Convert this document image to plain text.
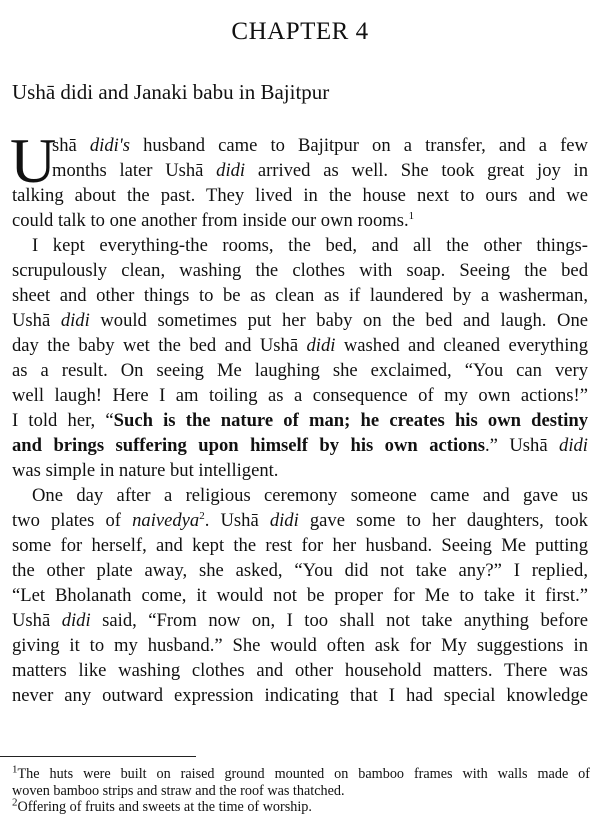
CHAPTER 4
Ushā didi and Janaki babu in Bajitpur
U
shā didi's husband came to Bajitpur on a transfer, and a few
months later Ushā didi arrived as well. She took great joy in
talking about the past. They lived in the house next to ours and we
could talk to one another from inside our own rooms.$^1$
I kept everything-the rooms, the bed, and all the other things-
scrupulously clean, washing the clothes with soap. Seeing the bed
sheet and other things to be as clean as if laundered by a washerman,
Ushā didi would sometimes put her baby on the bed and laugh. One
day the baby wet the bed and Ushā didi washed and cleaned everything
as a result. On seeing Me laughing she exclaimed, “You can very
well laugh! Here I am toiling as a consequence of my own actions!”
I told her, “Such is the nature of man; he creates his own destiny
and brings suffering upon himself by his own actions.” Ushā didi
was simple in nature but intelligent.
One day after a religious ceremony someone came and gave us
two plates of naivedya$^2$. Ushā didi gave some to her daughters, took
some for herself, and kept the rest for her husband. Seeing Me putting
the other plate away, she asked, “You did not take any?” I replied,
“Let Bholanath come, it would not be proper for Me to take it first.”
Ushā didi said, “From now on, I too shall not take anything before
giving it to my husband.” She would often ask for My suggestions in
matters like washing clothes and other household matters. There was
never any outward expression indicating that I had special knowledge
$^1$The huts were built on raised ground mounted on bamboo frames with walls made of
woven bamboo strips and straw and the roof was thatched.
$^2$Offering of fruits and sweets at the time of worship.
